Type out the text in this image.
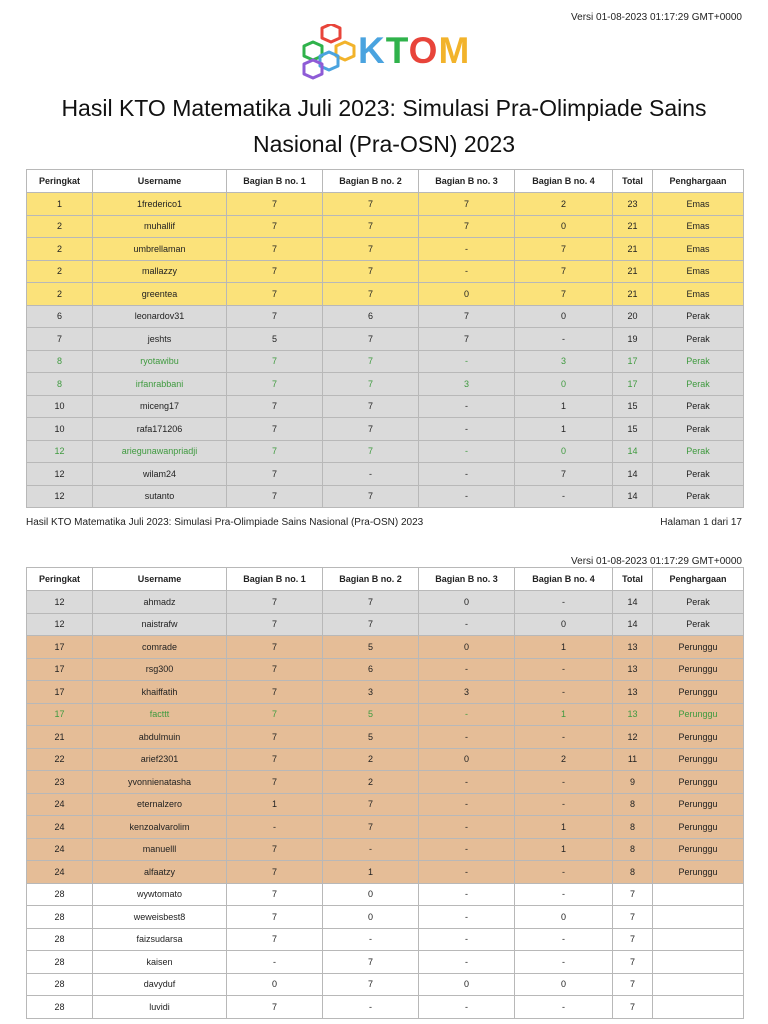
Versi 01-08-2023 01:17:29 GMT+0000
KTOM
Hasil KTO Matematika Juli 2023: Simulasi Pra-Olimpiade Sains Nasional (Pra-OSN) 2023
Peringkat	Username	Bagian B no. 1	Bagian B no. 2	Bagian B no. 3	Bagian B no. 4	Total	Penghargaan
1	1frederico1	7	7	7	2	23	Emas
2	muhallif	7	7	7	0	21	Emas
2	umbrellaman	7	7	-	7	21	Emas
2	mallazzy	7	7	-	7	21	Emas
2	greentea	7	7	0	7	21	Emas
6	leonardov31	7	6	7	0	20	Perak
7	jeshts	5	7	7	-	19	Perak
8	ryotawibu	7	7	-	3	17	Perak
8	irfanrabbani	7	7	3	0	17	Perak
10	miceng17	7	7	-	1	15	Perak
10	rafa171206	7	7	-	1	15	Perak
12	ariegunawanpriadji	7	7	-	0	14	Perak
12	wilam24	7	-	-	7	14	Perak
12	sutanto	7	7	-	-	14	Perak
Hasil KTO Matematika Juli 2023: Simulasi Pra-Olimpiade Sains Nasional (Pra-OSN) 2023	Halaman 1 dari 17
Versi 01-08-2023 01:17:29 GMT+0000
Peringkat	Username	Bagian B no. 1	Bagian B no. 2	Bagian B no. 3	Bagian B no. 4	Total	Penghargaan
12	ahmadz	7	7	0	-	14	Perak
12	naistrafw	7	7	-	0	14	Perak
17	comrade	7	5	0	1	13	Perunggu
17	rsg300	7	6	-	-	13	Perunggu
17	khaiffatih	7	3	3	-	13	Perunggu
17	facttt	7	5	-	1	13	Perunggu
21	abdulmuin	7	5	-	-	12	Perunggu
22	arief2301	7	2	0	2	11	Perunggu
23	yvonnienatasha	7	2	-	-	9	Perunggu
24	eternalzero	1	7	-	-	8	Perunggu
24	kenzoalvarolim	-	7	-	1	8	Perunggu
24	manuelll	7	-	-	1	8	Perunggu
24	alfaatzy	7	1	-	-	8	Perunggu
28	wywtomato	7	0	-	-	7	
28	weweisbest8	7	0	-	0	7	
28	faizsudarsa	7	-	-	-	7	
28	kaisen	-	7	-	-	7	
28	davyduf	0	7	0	0	7	
28	luvidi	7	-	-	-	7	
